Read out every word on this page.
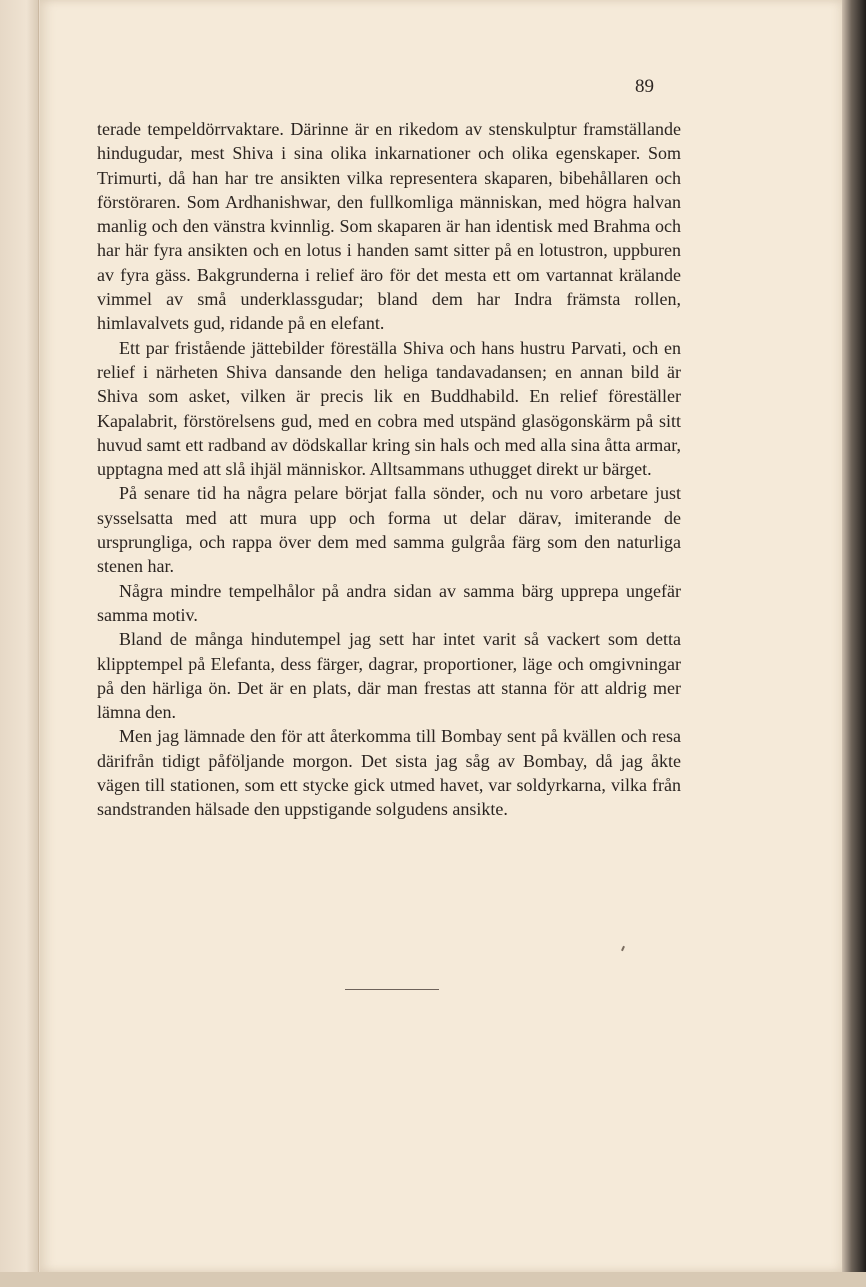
89

terade tempeldörrvaktare. Därinne är en rikedom av stenskulptur framställande hindugudar, mest Shiva i sina olika inkarnationer och olika egenskaper. Som Trimurti, då han har tre ansikten vilka representera skaparen, bibehållaren och förstöraren. Som Ardhanishwar, den fullkomliga människan, med högra halvan manlig och den vänstra kvinnlig. Som skaparen är han identisk med Brahma och har här fyra ansikten och en lotus i handen samt sitter på en lotustron, uppburen av fyra gäss. Bakgrunderna i relief äro för det mesta ett om vartannat krälande vimmel av små underklassgudar; bland dem har Indra främsta rollen, himlavalvets gud, ridande på en elefant.

Ett par fristående jättebilder föreställa Shiva och hans hustru Parvati, och en relief i närheten Shiva dansande den heliga tandavadansen; en annan bild är Shiva som asket, vilken är precis lik en Buddhabild. En relief föreställer Kapalabrit, förstörelsens gud, med en cobra med utspänd glasögonskärm på sitt huvud samt ett radband av dödskallar kring sin hals och med alla sina åtta armar, upptagna med att slå ihjäl människor. Alltsammans uthugget direkt ur bärget.

På senare tid ha några pelare börjat falla sönder, och nu voro arbetare just sysselsatta med att mura upp och forma ut delar därav, imiterande de ursprungliga, och rappa över dem med samma gulgråa färg som den naturliga stenen har.

Några mindre tempelhålor på andra sidan av samma bärg upprepa ungefär samma motiv.

Bland de många hindutempel jag sett har intet varit så vackert som detta klipptempel på Elefanta, dess färger, dagrar, proportioner, läge och omgivningar på den härliga ön. Det är en plats, där man frestas att stanna för att aldrig mer lämna den.

Men jag lämnade den för att återkomma till Bombay sent på kvällen och resa därifrån tidigt påföljande morgon. Det sista jag såg av Bombay, då jag åkte vägen till stationen, som ett stycke gick utmed havet, var soldyrkarna, vilka från sandstranden hälsade den uppstigande solgudens ansikte.
